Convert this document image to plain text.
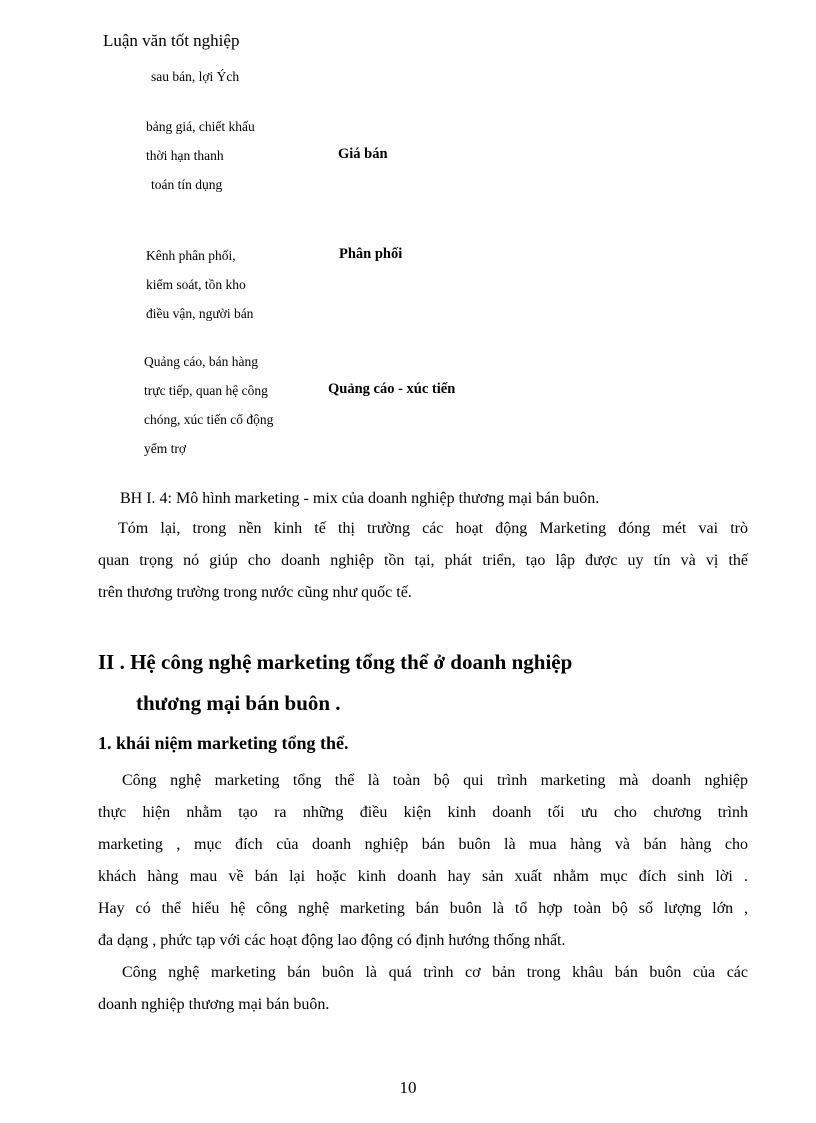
Luận văn tốt nghiệp
sau bán, lợi Ých
bảng giá, chiết khấu
thời hạn thanh
toán tín dụng
Giá bán
Kênh phân phối,
kiểm soát, tồn kho
điều vận, người bán
Phân phối
Quảng cáo, bán hàng
trực tiếp, quan hệ công
chóng, xúc tiến cổ động
yểm trợ
Quảng cáo - xúc tiến
BH I. 4: Mô hình marketing - mix của doanh nghiệp thương mại bán buôn.
Tóm lại, trong nền kinh tế thị trường các hoạt động Marketing đóng mét vai trò
quan trọng nó giúp cho doanh nghiệp tồn tại, phát triển, tạo lập được uy tín và vị thế
trên thương trường trong nước cũng như quốc tế.
II . Hệ công nghệ marketing tổng thể ở doanh nghiệp
thương mại bán buôn .
1. khái niệm marketing tổng thể.
Công nghệ marketing tổng thể là toàn bộ qui trình marketing mà doanh nghiệp
thực hiện nhằm tạo ra những điều kiện kinh doanh tối ưu cho chương trình
marketing , mục đích của doanh nghiệp bán buôn là mua hàng và bán hàng cho
khách hàng mau về bán lại hoặc kinh doanh hay sản xuất nhằm mục đích sinh lời .
Hay có thể hiểu hệ công nghệ marketing bán buôn là tổ hợp toàn bộ số lượng lớn ,
đa dạng , phức tạp với các hoạt động lao động có định hướng thống nhất.
Công nghệ marketing bán buôn là quá trình cơ bản trong khâu bán buôn của các
doanh nghiệp thương mại bán buôn.
10
